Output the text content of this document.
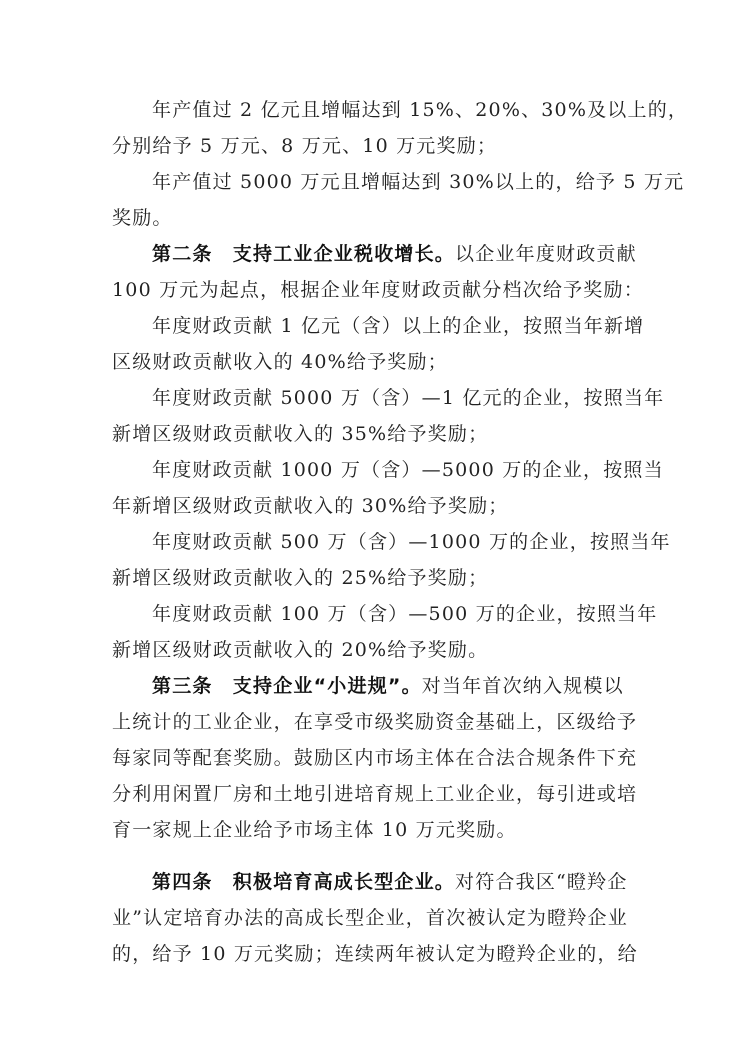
年产值过 2 亿元且增幅达到 15%、20%、30%及以上的，
分别给予 5 万元、8 万元、10 万元奖励；
年产值过 5000 万元且增幅达到 30%以上的，给予 5 万元
奖励。
第二条　支持工业企业税收增长。以企业年度财政贡献
100 万元为起点，根据企业年度财政贡献分档次给予奖励：
年度财政贡献 1 亿元（含）以上的企业，按照当年新增
区级财政贡献收入的 40%给予奖励；
年度财政贡献 5000 万（含）—1 亿元的企业，按照当年
新增区级财政贡献收入的 35%给予奖励；
年度财政贡献 1000 万（含）—5000 万的企业，按照当
年新增区级财政贡献收入的 30%给予奖励；
年度财政贡献 500 万（含）—1000 万的企业，按照当年
新增区级财政贡献收入的 25%给予奖励；
年度财政贡献 100 万（含）—500 万的企业，按照当年
新增区级财政贡献收入的 20%给予奖励。
第三条　支持企业“小进规”。对当年首次纳入规模以
上统计的工业企业，在享受市级奖励资金基础上，区级给予
每家同等配套奖励。鼓励区内市场主体在合法合规条件下充
分利用闲置厂房和土地引进培育规上工业企业，每引进或培
育一家规上企业给予市场主体 10 万元奖励。
第四条　积极培育高成长型企业。对符合我区“瞪羚企
业”认定培育办法的高成长型企业，首次被认定为瞪羚企业
的，给予 10 万元奖励；连续两年被认定为瞪羚企业的，给
